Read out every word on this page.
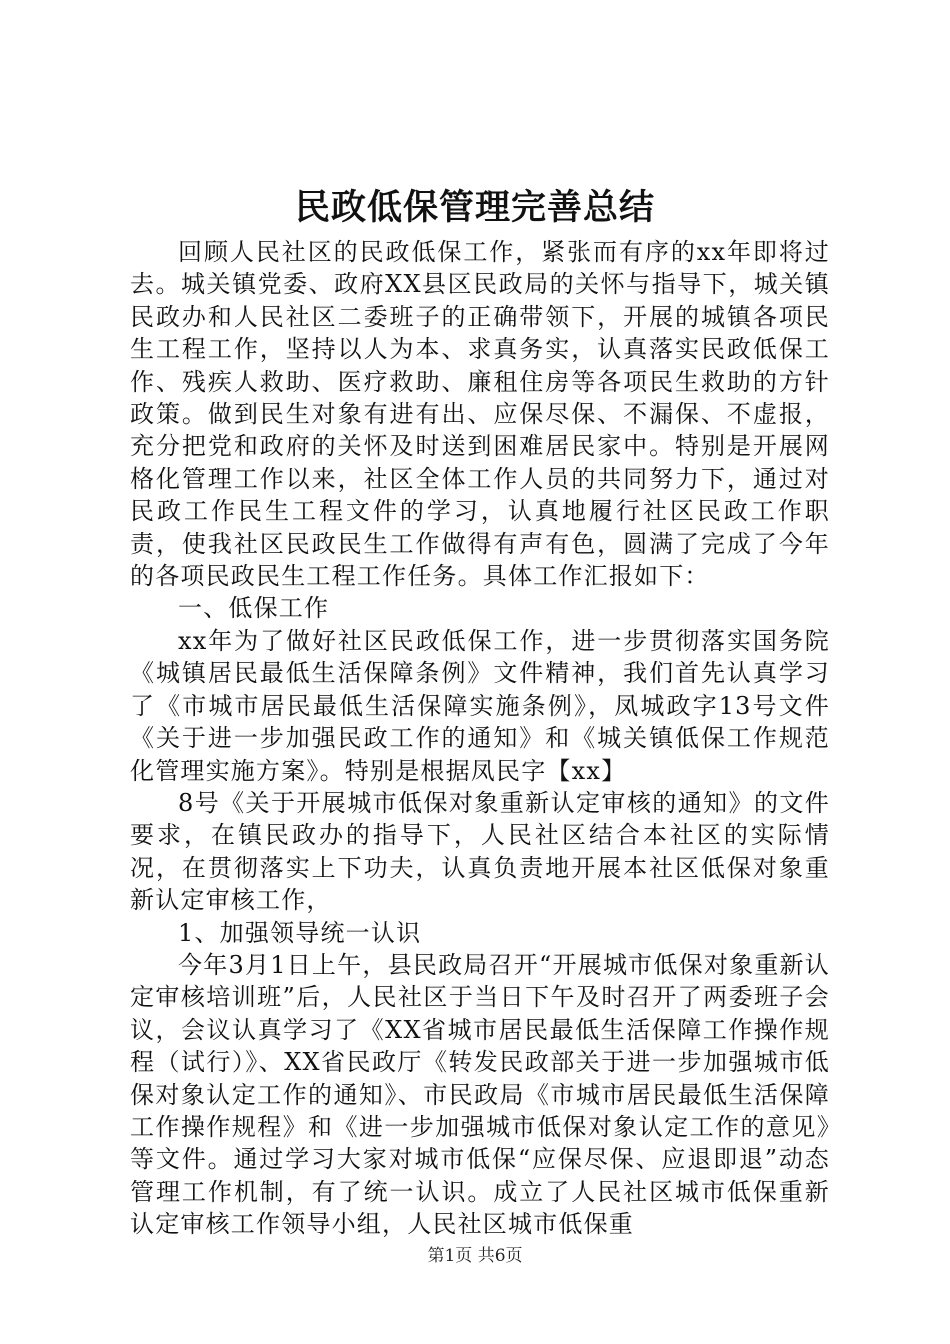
民政低保管理完善总结

回顾人民社区的民政低保工作，紧张而有序的xx年即将过去。城关镇党委、政府XX县区民政局的关怀与指导下，城关镇民政办和人民社区二委班子的正确带领下，开展的城镇各项民生工程工作，坚持以人为本、求真务实，认真落实民政低保工作、残疾人救助、医疗救助、廉租住房等各项民生救助的方针政策。做到民生对象有进有出、应保尽保、不漏保、不虚报，充分把党和政府的关怀及时送到困难居民家中。特别是开展网格化管理工作以来，社区全体工作人员的共同努力下，通过对民政工作民生工程文件的学习，认真地履行社区民政工作职责，使我社区民政民生工作做得有声有色，圆满了完成了今年的各项民政民生工程工作任务。具体工作汇报如下：

一、低保工作

xx年为了做好社区民政低保工作，进一步贯彻落实国务院《城镇居民最低生活保障条例》文件精神，我们首先认真学习了《市城市居民最低生活保障实施条例》，凤城政字13号文件《关于进一步加强民政工作的通知》和《城关镇低保工作规范化管理实施方案》。特别是根据凤民字【xx】

8号《关于开展城市低保对象重新认定审核的通知》的文件要求，在镇民政办的指导下，人民社区结合本社区的实际情况，在贯彻落实上下功夫，认真负责地开展本社区低保对象重新认定审核工作，

1、加强领导统一认识

今年3月1日上午，县民政局召开“开展城市低保对象重新认定审核培训班”后，人民社区于当日下午及时召开了两委班子会议，会议认真学习了《XX省城市居民最低生活保障工作操作规程（试行）》、XX省民政厅《转发民政部关于进一步加强城市低保对象认定工作的通知》、市民政局《市城市居民最低生活保障工作操作规程》和《进一步加强城市低保对象认定工作的意见》等文件。通过学习大家对城市低保“应保尽保、应退即退”动态管理工作机制，有了统一认识。成立了人民社区城市低保重新认定审核工作领导小组，人民社区城市低保重

第1页 共6页
